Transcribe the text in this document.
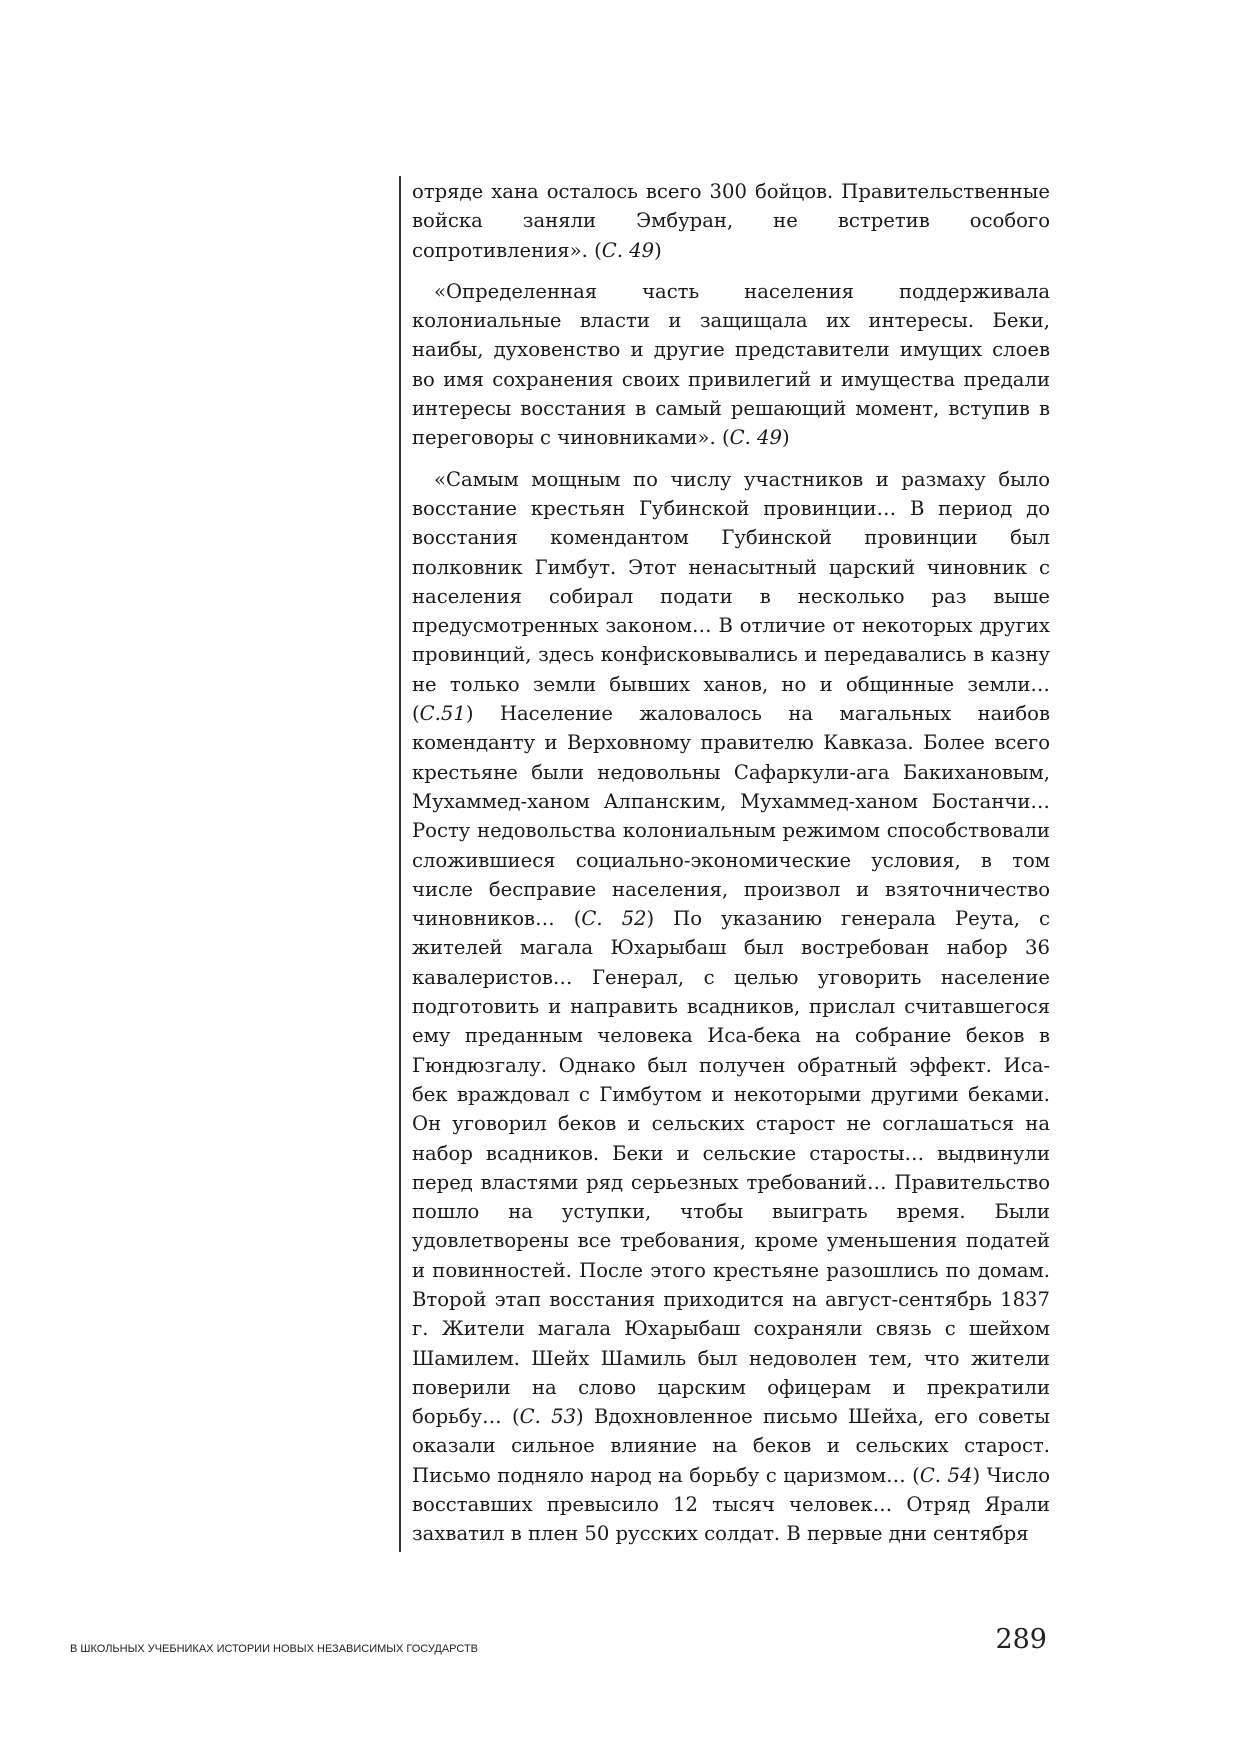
отряде хана осталось всего 300 бойцов. Правительственные войска заняли Эмбуран, не встретив особого сопротивления». (С. 49)

«Определенная часть населения поддерживала колониальные власти и защищала их интересы. Беки, наибы, духовенство и другие представители имущих слоев во имя сохранения своих привилегий и имущества предали интересы восстания в самый решающий момент, вступив в переговоры с чиновниками». (С. 49)

«Самым мощным по числу участников и размаху было восстание крестьян Губинской провинции… В период до восстания комендантом Губинской провинции был полковник Гимбут. Этот ненасытный царский чиновник с населения собирал подати в несколько раз выше предусмотренных законом… В отличие от некоторых других провинций, здесь конфисковывались и передавались в казну не только земли бывших ханов, но и общинные земли…(С.51) Население жаловалось на магальных наибов коменданту и Верховному правителю Кавказа. Более всего крестьяне были недовольны Сафаркули-ага Бакихановым, Мухаммед-ханом Алпанским, Мухаммед-ханом Бостанчи… Росту недовольства колониальным режимом способствовали сложившиеся социально-экономические условия, в том числе бесправие населения, произвол и взяточничество чиновников… (С. 52) По указанию генерала Реута, с жителей магала Юхарыбаш был востребован набор 36 кавалеристов… Генерал, с целью уговорить население подготовить и направить всадников, прислал считавшегося ему преданным человека Иса-бека на собрание беков в Гюндюзгалу. Однако был получен обратный эффект. Иса-бек враждовал с Гимбутом и некоторыми другими беками. Он уговорил беков и сельских старост не соглашаться на набор всадников. Беки и сельские старосты… выдвинули перед властями ряд серьезных требований… Правительство пошло на уступки, чтобы выиграть время. Были удовлетворены все требования, кроме уменьшения податей и повинностей. После этого крестьяне разошлись по домам. Второй этап восстания приходится на август-сентябрь 1837 г. Жители магала Юхарыбаш сохраняли связь с шейхом Шамилем. Шейх Шамиль был недоволен тем, что жители поверили на слово царским офицерам и прекратили борьбу… (С. 53) Вдохновленное письмо Шейха, его советы оказали сильное влияние на беков и сельских старост. Письмо подняло народ на борьбу с царизмом… (С. 54) Число восставших превысило 12 тысяч человек… Отряд Ярали захватил в плен 50 русских солдат. В первые дни сентября

В ШКОЛЬНЫХ УЧЕБНИКАХ ИСТОРИИ НОВЫХ НЕЗАВИСИМЫХ ГОСУДАРСТВ	289
